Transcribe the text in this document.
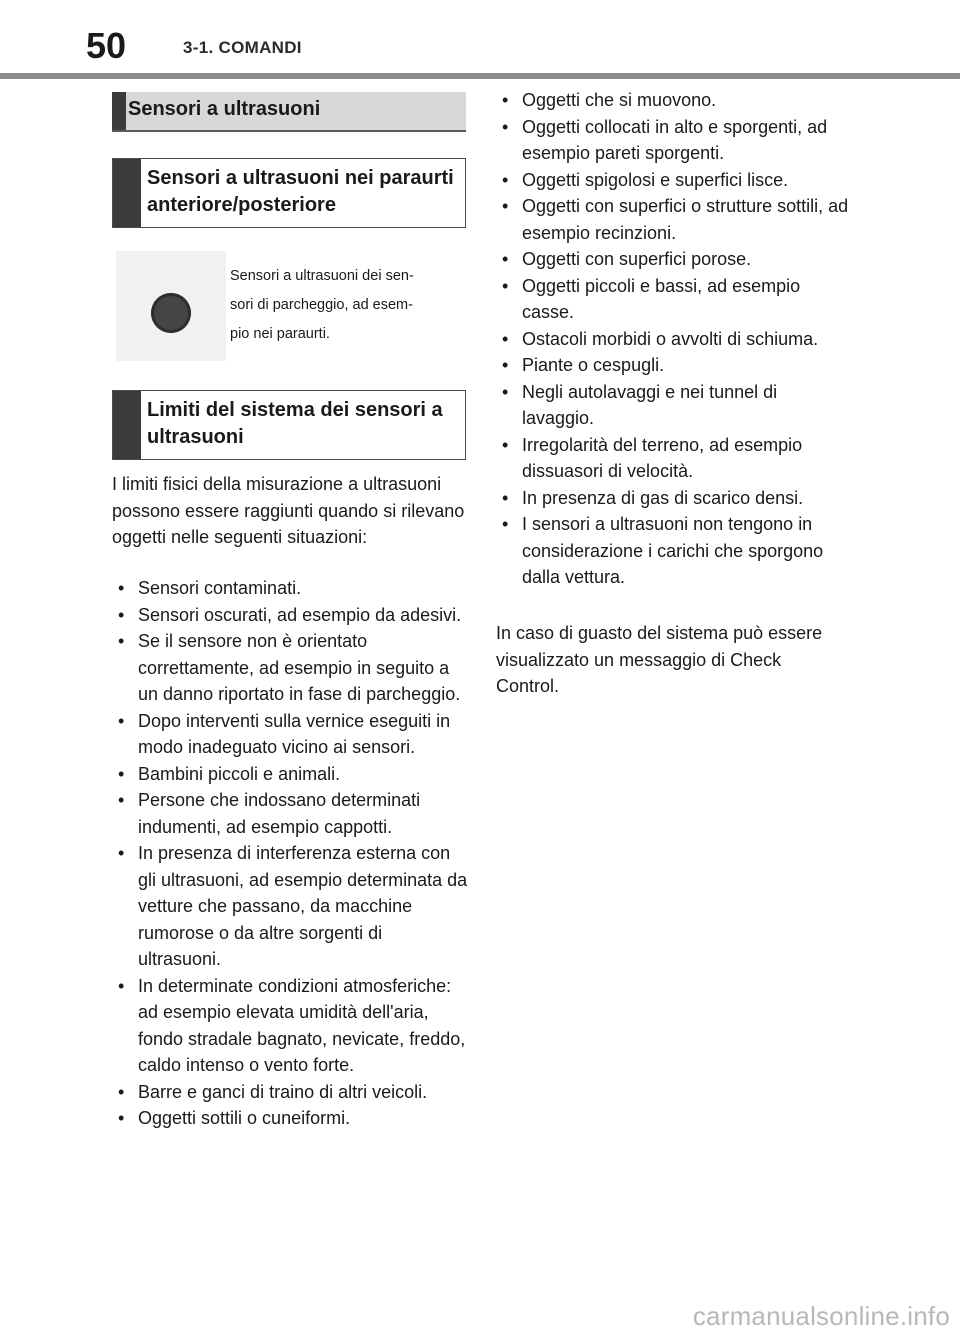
50	3-1. COMANDI
Sensori a ultrasuoni
Sensori a ultrasuoni nei paraurti anteriore/posteriore
Sensori a ultrasuoni dei sen-
sori di parcheggio, ad esem-
pio nei paraurti.
Limiti del sistema dei sensori a ultrasuoni
I limiti fisici della misurazione a ultrasuoni possono essere raggiunti quando si rilevano oggetti nelle seguenti situazioni:
• Sensori contaminati.
• Sensori oscurati, ad esempio da adesivi.
• Se il sensore non è orientato correttamente, ad esempio in seguito a un danno riportato in fase di parcheggio.
• Dopo interventi sulla vernice eseguiti in modo inadeguato vicino ai sensori.
• Bambini piccoli e animali.
• Persone che indossano determinati indumenti, ad esempio cappotti.
• In presenza di interferenza esterna con gli ultrasuoni, ad esempio determinata da vetture che passano, da macchine rumorose o da altre sorgenti di ultrasuoni.
• In determinate condizioni atmosferiche: ad esempio elevata umidità dell'aria, fondo stradale bagnato, nevicate, freddo, caldo intenso o vento forte.
• Barre e ganci di traino di altri veicoli.
• Oggetti sottili o cuneiformi.
• Oggetti che si muovono.
• Oggetti collocati in alto e sporgenti, ad esempio pareti sporgenti.
• Oggetti spigolosi e superfici lisce.
• Oggetti con superfici o strutture sottili, ad esempio recinzioni.
• Oggetti con superfici porose.
• Oggetti piccoli e bassi, ad esempio casse.
• Ostacoli morbidi o avvolti di schiuma.
• Piante o cespugli.
• Negli autolavaggi e nei tunnel di lavaggio.
• Irregolarità del terreno, ad esempio dissuasori di velocità.
• In presenza di gas di scarico densi.
• I sensori a ultrasuoni non tengono in considerazione i carichi che sporgono dalla vettura.
In caso di guasto del sistema può essere visualizzato un messaggio di Check Control.
carmanualsonline.info
